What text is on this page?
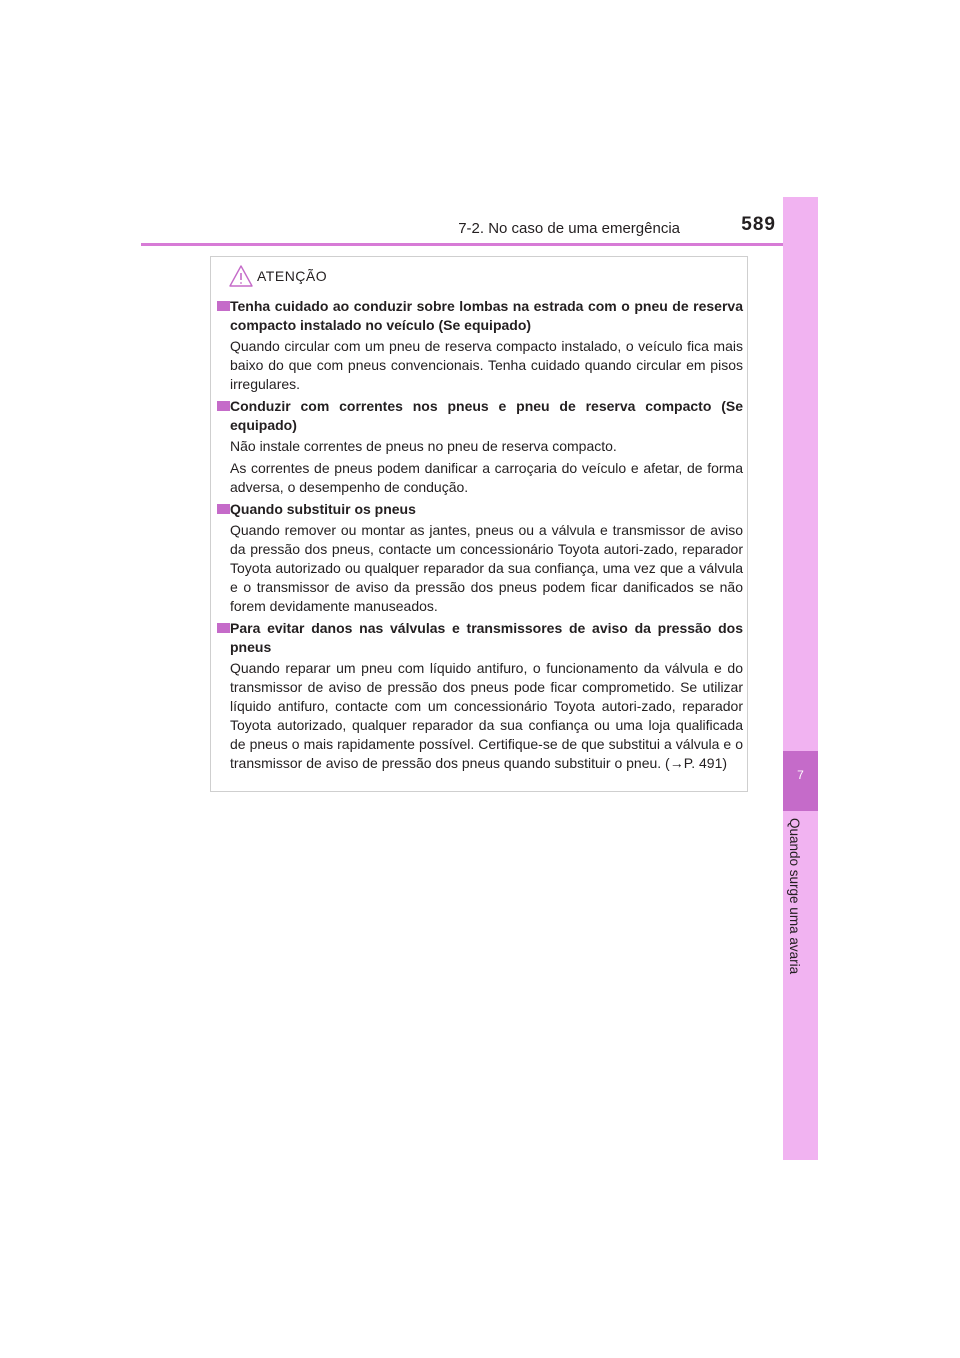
7-2. No caso de uma emergência	589
7
Quando surge uma avaria
ATENÇÃO
Tenha cuidado ao conduzir sobre lombas na estrada com o pneu de reserva compacto instalado no veículo (Se equipado)
Quando circular com um pneu de reserva compacto instalado, o veículo fica mais baixo do que com pneus convencionais. Tenha cuidado quando circular em pisos irregulares.
Conduzir com correntes nos pneus e pneu de reserva compacto (Se equipado)
Não instale correntes de pneus no pneu de reserva compacto.
As correntes de pneus podem danificar a carroçaria do veículo e afetar, de forma adversa, o desempenho de condução.
Quando substituir os pneus
Quando remover ou montar as jantes, pneus ou a válvula e transmissor de aviso da pressão dos pneus, contacte um concessionário Toyota autori-zado, reparador Toyota autorizado ou qualquer reparador da sua confiança, uma vez que a válvula e o transmissor de aviso da pressão dos pneus podem ficar danificados se não forem devidamente manuseados.
Para evitar danos nas válvulas e transmissores de aviso da pressão dos pneus
Quando reparar um pneu com líquido antifuro, o funcionamento da válvula e do transmissor de aviso de pressão dos pneus pode ficar comprometido. Se utilizar líquido antifuro, contacte com um concessionário Toyota autori-zado, reparador Toyota autorizado, qualquer reparador da sua confiança ou uma loja qualificada de pneus o mais rapidamente possível. Certifique-se de que substitui a válvula e o transmissor de aviso de pressão dos pneus quando substituir o pneu. (→P. 491)
